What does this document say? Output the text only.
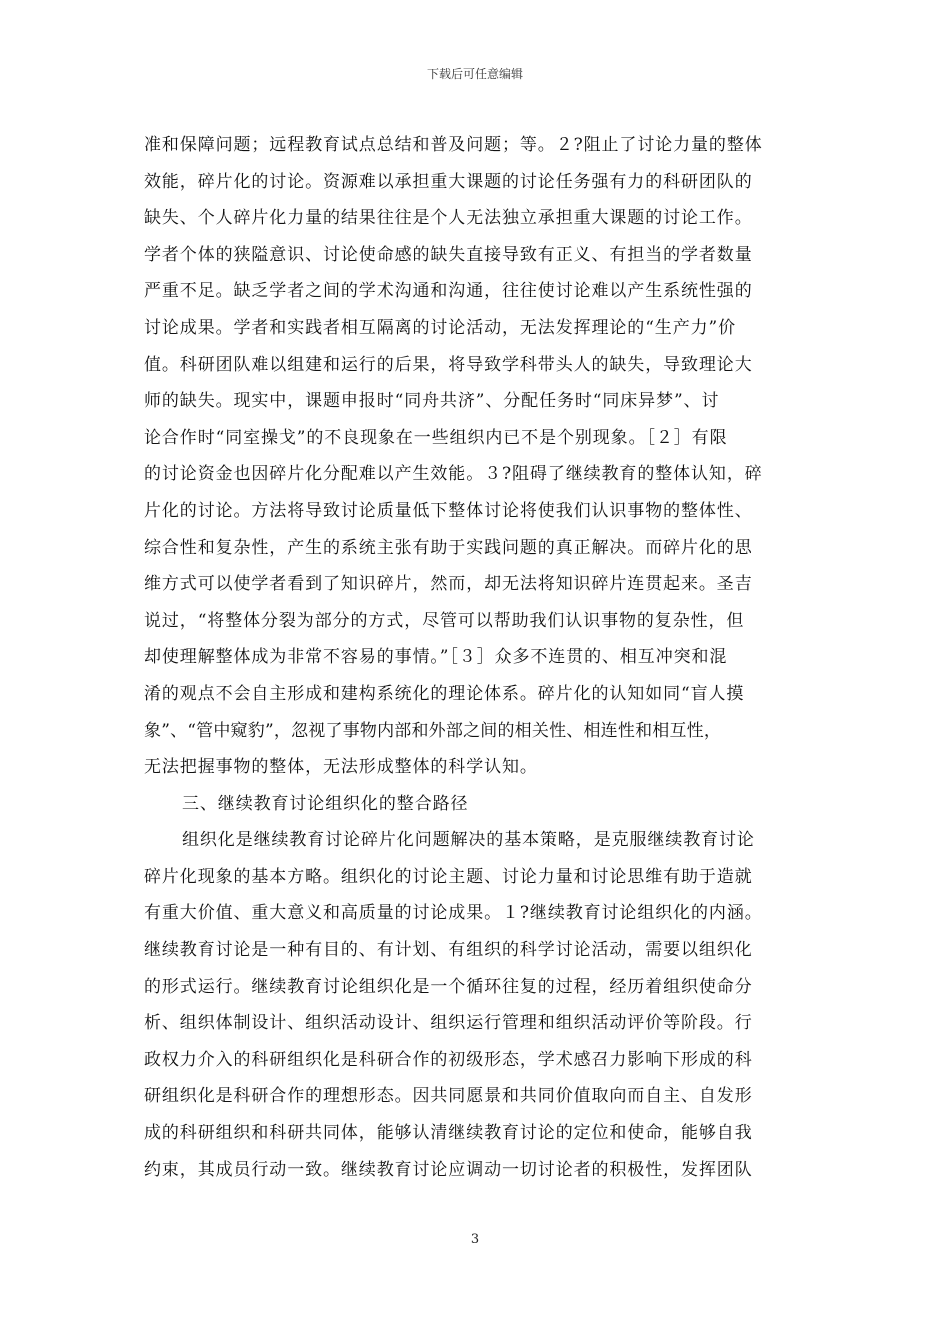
下载后可任意编辑
准和保障问题；远程教育试点总结和普及问题；等。２?阻止了讨论力量的整体
效能，碎片化的讨论。资源难以承担重大课题的讨论任务强有力的科研团队的
缺失、个人碎片化力量的结果往往是个人无法独立承担重大课题的讨论工作。
学者个体的狭隘意识、讨论使命感的缺失直接导致有正义、有担当的学者数量
严重不足。缺乏学者之间的学术沟通和沟通，往往使讨论难以产生系统性强的
讨论成果。学者和实践者相互隔离的讨论活动，无法发挥理论的“生产力”价
值。科研团队难以组建和运行的后果，将导致学科带头人的缺失，导致理论大
师的缺失。现实中，课题申报时“同舟共济”、分配任务时“同床异梦”、讨
论合作时“同室操戈”的不良现象在一些组织内已不是个别现象。［２］有限
的讨论资金也因碎片化分配难以产生效能。３?阻碍了继续教育的整体认知，碎
片化的讨论。方法将导致讨论质量低下整体讨论将使我们认识事物的整体性、
综合性和复杂性，产生的系统主张有助于实践问题的真正解决。而碎片化的思
维方式可以使学者看到了知识碎片，然而，却无法将知识碎片连贯起来。圣吉
说过，“将整体分裂为部分的方式，尽管可以帮助我们认识事物的复杂性，但
却使理解整体成为非常不容易的事情。”［３］众多不连贯的、相互冲突和混
淆的观点不会自主形成和建构系统化的理论体系。碎片化的认知如同“盲人摸
象”、“管中窥豹”，忽视了事物内部和外部之间的相关性、相连性和相互性，
无法把握事物的整体，无法形成整体的科学认知。
三、继续教育讨论组织化的整合路径
组织化是继续教育讨论碎片化问题解决的基本策略，是克服继续教育讨论
碎片化现象的基本方略。组织化的讨论主题、讨论力量和讨论思维有助于造就
有重大价值、重大意义和高质量的讨论成果。１?继续教育讨论组织化的内涵。
继续教育讨论是一种有目的、有计划、有组织的科学讨论活动，需要以组织化
的形式运行。继续教育讨论组织化是一个循环往复的过程，经历着组织使命分
析、组织体制设计、组织活动设计、组织运行管理和组织活动评价等阶段。行
政权力介入的科研组织化是科研合作的初级形态，学术感召力影响下形成的科
研组织化是科研合作的理想形态。因共同愿景和共同价值取向而自主、自发形
成的科研组织和科研共同体，能够认清继续教育讨论的定位和使命，能够自我
约束，其成员行动一致。继续教育讨论应调动一切讨论者的积极性，发挥团队
3
